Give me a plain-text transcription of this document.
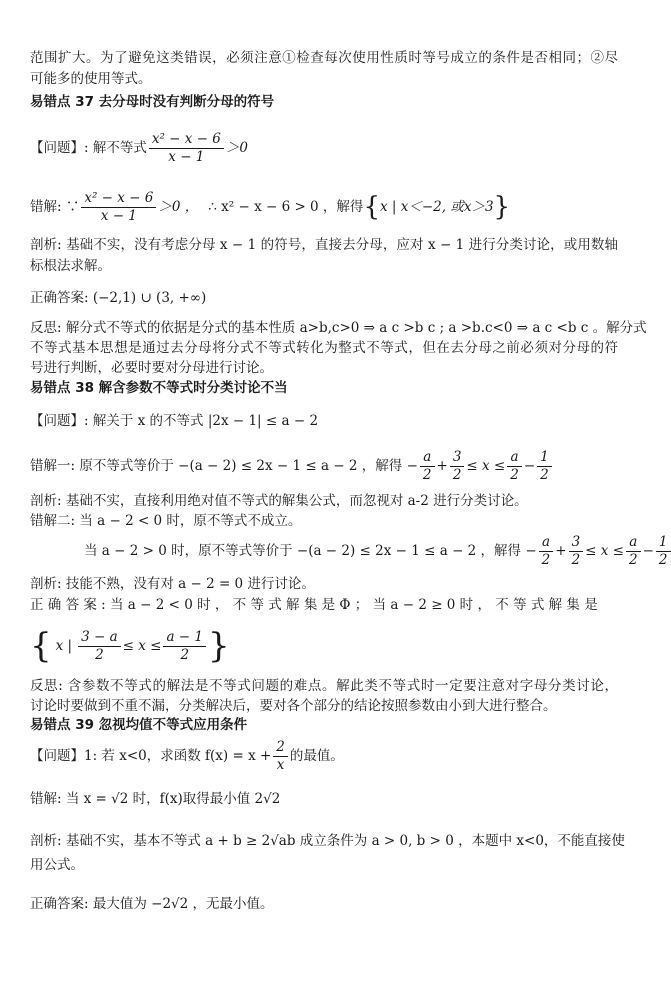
范围扩大。为了避免这类错误，必须注意①检查每次使用性质时等号成立的条件是否相同；②尽
可能多的使用等式。
易错点 37 去分母时没有判断分母的符号
【问题】: 解不等式 $\frac{\text{x² − x − 6}}{x - 1} >0$
错解: ∵ $\frac{\text{x² − x − 6}}{x - 1} >0$ ， ∴ x² − x − 6 > 0 ，解得 { x | x＜−2, 或x＞3 }
剖析: 基础不实，没有考虑分母 x − 1 的符号，直接去分母，应对 x − 1 进行分类讨论，或用数轴
标根法求解。
正确答案: (−2,1) ∪ (3, +∞)
反思: 解分式不等式的依据是分式的基本性质 a>b,c>0 ⇒ a c >b c ; a >b.c<0 ⇒ a c <b c 。解分式
不等式基本思想是通过去分母将分式不等式转化为整式不等式，但在去分母之前必须对分母的符
号进行判断，必要时要对分母进行讨论。
易错点 38 解含参数不等式时分类讨论不当
【问题】: 解关于 x 的不等式 |2x − 1| ≤ a − 2
错解一: 原不等式等价于 −(a − 2) ≤ 2x − 1 ≤ a − 2 ，解得 − $\frac{a}{2} + \frac{3}{2} \le x \le \frac{a}{2} - \frac{1}{2}$
剖析: 基础不实，直接利用绝对值不等式的解集公式，而忽视对 a-2 进行分类讨论。
错解二: 当 a − 2 < 0 时，原不等式不成立。
当 a − 2 > 0 时，原不等式等价于 −(a − 2) ≤ 2x − 1 ≤ a − 2 ，解得 − $\frac{a}{2} + \frac{3}{2} \le x \le \frac{a}{2} - \frac{1}{2}$
剖析: 技能不熟，没有对 a − 2 = 0 进行讨论。
正 确 答 案 : 当 a − 2 < 0 时 ， 不 等 式 解 集 是 Φ ； 当 a − 2 ≥ 0 时 ， 不 等 式 解 集 是
{ x | $\frac{3 - a}{2} \le x \le \frac{a - 1}{2}$ }
反思: 含参数不等式的解法是不等式问题的难点。解此类不等式时一定要注意对字母分类讨论，
讨论时要做到不重不漏，分类解决后，要对各个部分的结论按照参数由小到大进行整合。
易错点 39 忽视均值不等式应用条件
【问题】1: 若 x<0，求函数 $f(x) = x + \frac{2}{x}$ 的最值。
错解: 当 x = √2 时，f(x)取得最小值 2√2
剖析: 基础不实，基本不等式 a + b ≥ 2√ab 成立条件为 a > 0, b > 0 ，本题中 x<0，不能直接使
用公式。
正确答案: 最大值为 −2√2 ，无最小值。
